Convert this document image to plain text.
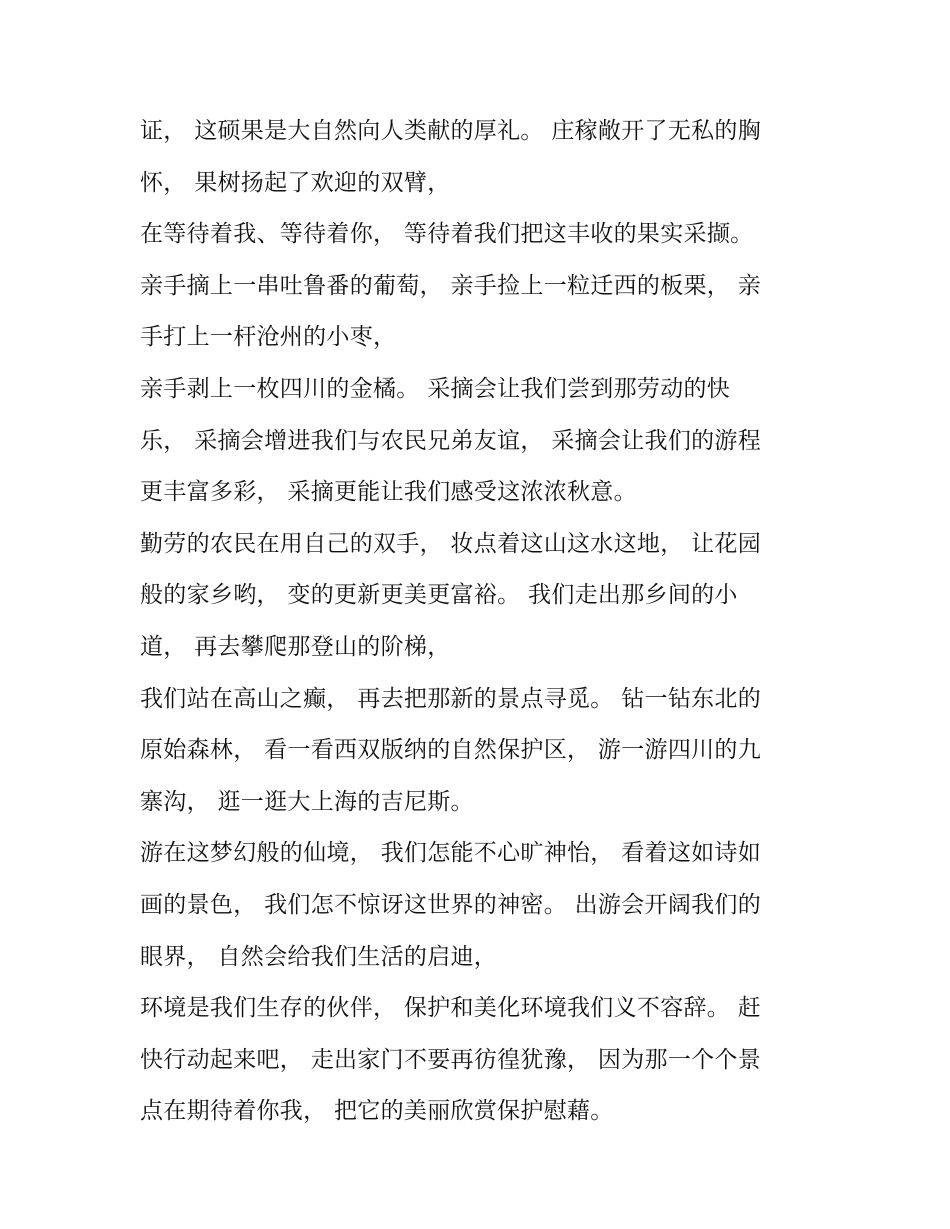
证， 这硕果是大自然向人类献的厚礼。 庄稼敞开了无私的胸
怀， 果树扬起了欢迎的双臂，
在等待着我、等待着你， 等待着我们把这丰收的果实采撷。
亲手摘上一串吐鲁番的葡萄， 亲手捡上一粒迁西的板栗， 亲
手打上一杆沧州的小枣，
亲手剥上一枚四川的金橘。 采摘会让我们尝到那劳动的快
乐， 采摘会增进我们与农民兄弟友谊， 采摘会让我们的游程
更丰富多彩， 采摘更能让我们感受这浓浓秋意。
勤劳的农民在用自己的双手， 妆点着这山这水这地， 让花园
般的家乡哟， 变的更新更美更富裕。 我们走出那乡间的小
道， 再去攀爬那登山的阶梯，
我们站在高山之癫， 再去把那新的景点寻觅。 钻一钻东北的
原始森林， 看一看西双版纳的自然保护区， 游一游四川的九
寨沟， 逛一逛大上海的吉尼斯。
游在这梦幻般的仙境， 我们怎能不心旷神怡， 看着这如诗如
画的景色， 我们怎不惊讶这世界的神密。 出游会开阔我们的
眼界， 自然会给我们生活的启迪，
环境是我们生存的伙伴， 保护和美化环境我们义不容辞。 赶
快行动起来吧， 走出家门不要再彷徨犹豫， 因为那一个个景
点在期待着你我， 把它的美丽欣赏保护慰藉。
